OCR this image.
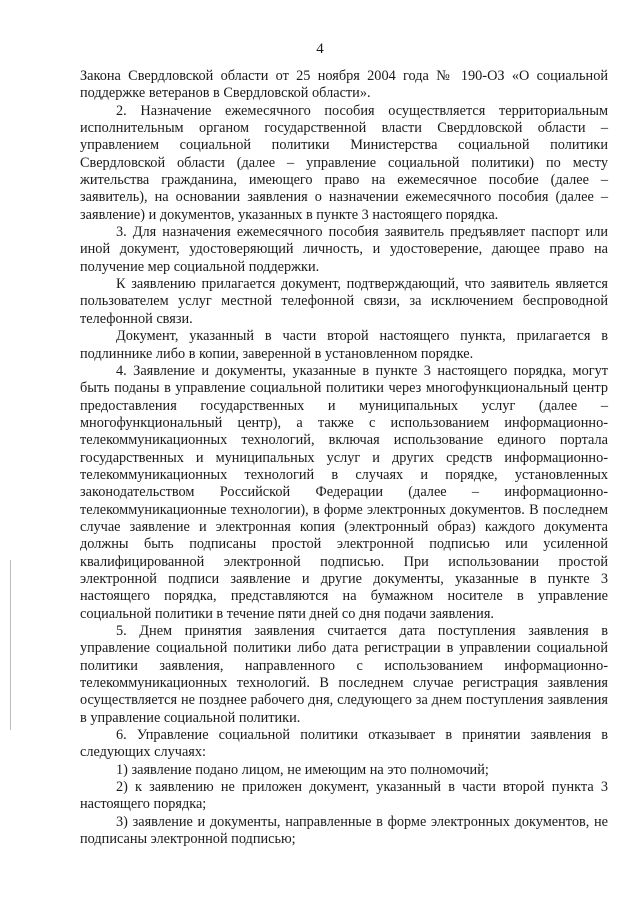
4

Закона Свердловской области от 25 ноября 2004 года № 190-ОЗ «О социальной поддержке ветеранов в Свердловской области».

2. Назначение ежемесячного пособия осуществляется территориальным исполнительным органом государственной власти Свердловской области – управлением социальной политики Министерства социальной политики Свердловской области (далее – управление социальной политики) по месту жительства гражданина, имеющего право на ежемесячное пособие (далее – заявитель), на основании заявления о назначении ежемесячного пособия (далее – заявление) и документов, указанных в пункте 3 настоящего порядка.

3. Для назначения ежемесячного пособия заявитель предъявляет паспорт или иной документ, удостоверяющий личность, и удостоверение, дающее право на получение мер социальной поддержки.

К заявлению прилагается документ, подтверждающий, что заявитель является пользователем услуг местной телефонной связи, за исключением беспроводной телефонной связи.

Документ, указанный в части второй настоящего пункта, прилагается в подлиннике либо в копии, заверенной в установленном порядке.

4. Заявление и документы, указанные в пункте 3 настоящего порядка, могут быть поданы в управление социальной политики через многофункциональный центр предоставления государственных и муниципальных услуг (далее – многофункциональный центр), а также с использованием информационно-телекоммуникационных технологий, включая использование единого портала государственных и муниципальных услуг и других средств информационно-телекоммуникационных технологий в случаях и порядке, установленных законодательством Российской Федерации (далее – информационно-телекоммуникационные технологии), в форме электронных документов. В последнем случае заявление и электронная копия (электронный образ) каждого документа должны быть подписаны простой электронной подписью или усиленной квалифицированной электронной подписью. При использовании простой электронной подписи заявление и другие документы, указанные в пункте 3 настоящего порядка, представляются на бумажном носителе в управление социальной политики в течение пяти дней со дня подачи заявления.

5. Днем принятия заявления считается дата поступления заявления в управление социальной политики либо дата регистрации в управлении социальной политики заявления, направленного с использованием информационно-телекоммуникационных технологий. В последнем случае регистрация заявления осуществляется не позднее рабочего дня, следующего за днем поступления заявления в управление социальной политики.

6. Управление социальной политики отказывает в принятии заявления в следующих случаях:

1) заявление подано лицом, не имеющим на это полномочий;

2) к заявлению не приложен документ, указанный в части второй пункта 3 настоящего порядка;

3) заявление и документы, направленные в форме электронных документов, не подписаны электронной подписью;
